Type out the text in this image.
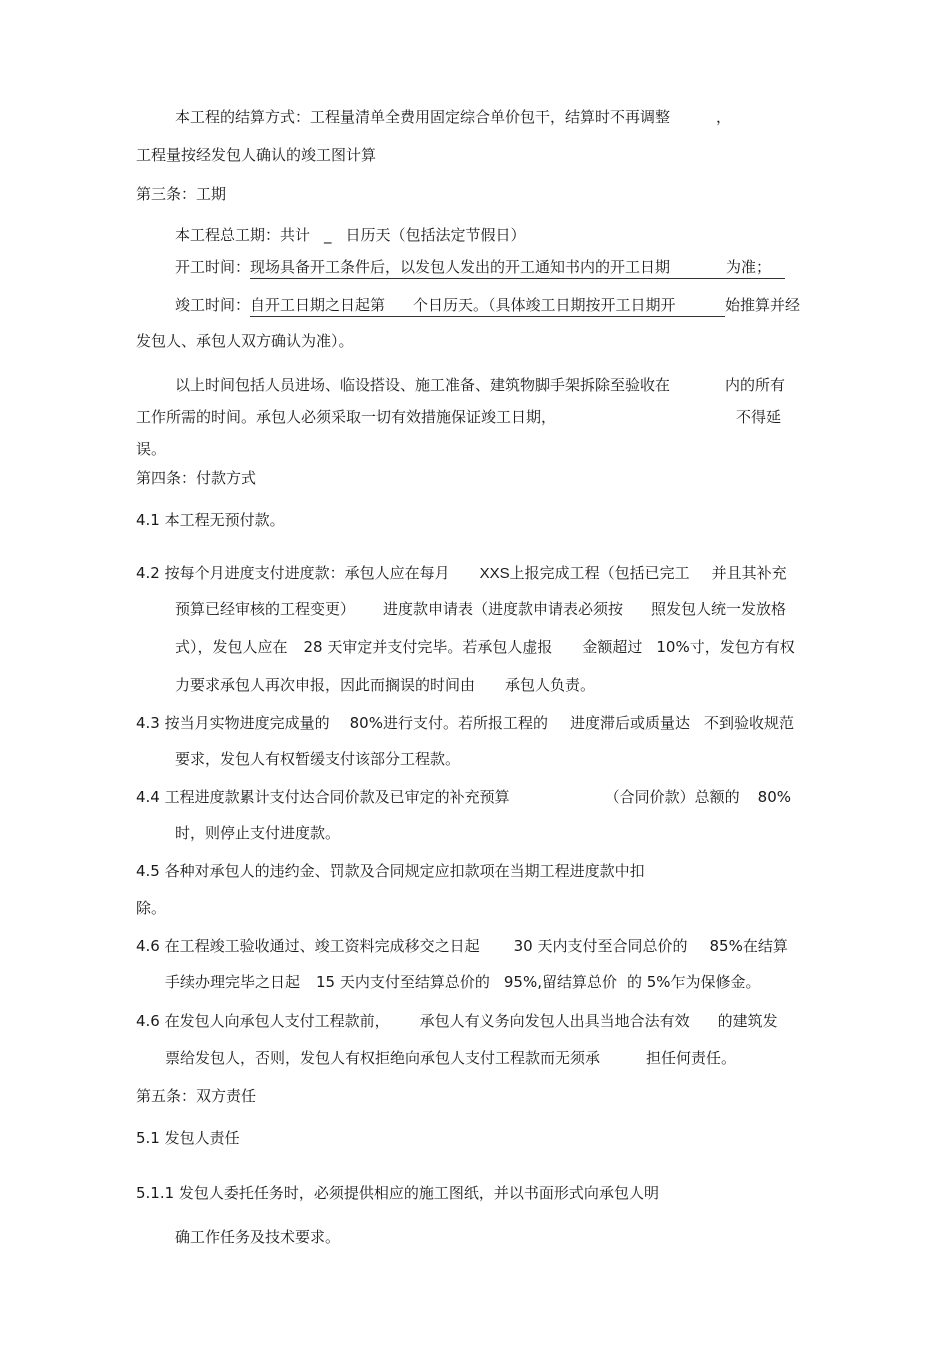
本工程的结算方式：工程量清单全费用固定综合单价包干，结算时不再调整	，
工程量按经发包人确认的竣工图计算
第三条：工期
本工程总工期：共计 _ 日历天（包括法定节假日）
开工时间：现场具备开工条件后，以发包人发出的开工通知书内的开工日期	为准；
竣工时间：自开工日期之日起第 个日历天。（具体竣工日期按开工日期开	始推算并经
发包人、承包人双方确认为准）。
以上时间包括人员进场、临设搭设、施工准备、建筑物脚手架拆除至验收在	内的所有
工作所需的时间。承包人必须采取一切有效措施保证竣工日期，	不得延
误。
第四条：付款方式
4.1 本工程无预付款。
4.2 按每个月进度支付进度款：承包人应在每月 XXS上报完成工程（包括已完工 并且其补充
预算已经审核的工程变更） 进度款申请表（进度款申请表必须按 照发包人统一发放格
式），发包人应在 28 天审定并支付完毕。若承包人虚报 金额超过 10%寸，发包方有权
力要求承包人再次申报，因此而搁误的时间由 承包人负责。
4.3 按当月实物进度完成量的 80%进行支付。若所报工程的 进度滞后或质量达 不到验收规范
要求，发包人有权暂缓支付该部分工程款。
4.4 工程进度款累计支付达合同价款及已审定的补充预算	（合同价款）总额的 80%
时，则停止支付进度款。
4.5 各种对承包人的违约金、罚款及合同规定应扣款项在当期工程进度款中扣
除。
4.6 在工程竣工验收通过、竣工资料完成移交之日起 30 天内支付至合同总价的 85%在结算
手续办理完毕之日起 15 天内支付至结算总价的 95%,留结算总价 的 5%乍为保修金。
4.6 在发包人向承包人支付工程款前， 承包人有义务向发包人出具当地合法有效 的建筑发
票给发包人，否则，发包人有权拒绝向承包人支付工程款而无须承	担任何责任。
第五条：双方责任
5.1 发包人责任
5.1.1 发包人委托任务时，必须提供相应的施工图纸，并以书面形式向承包人明
确工作任务及技术要求。
